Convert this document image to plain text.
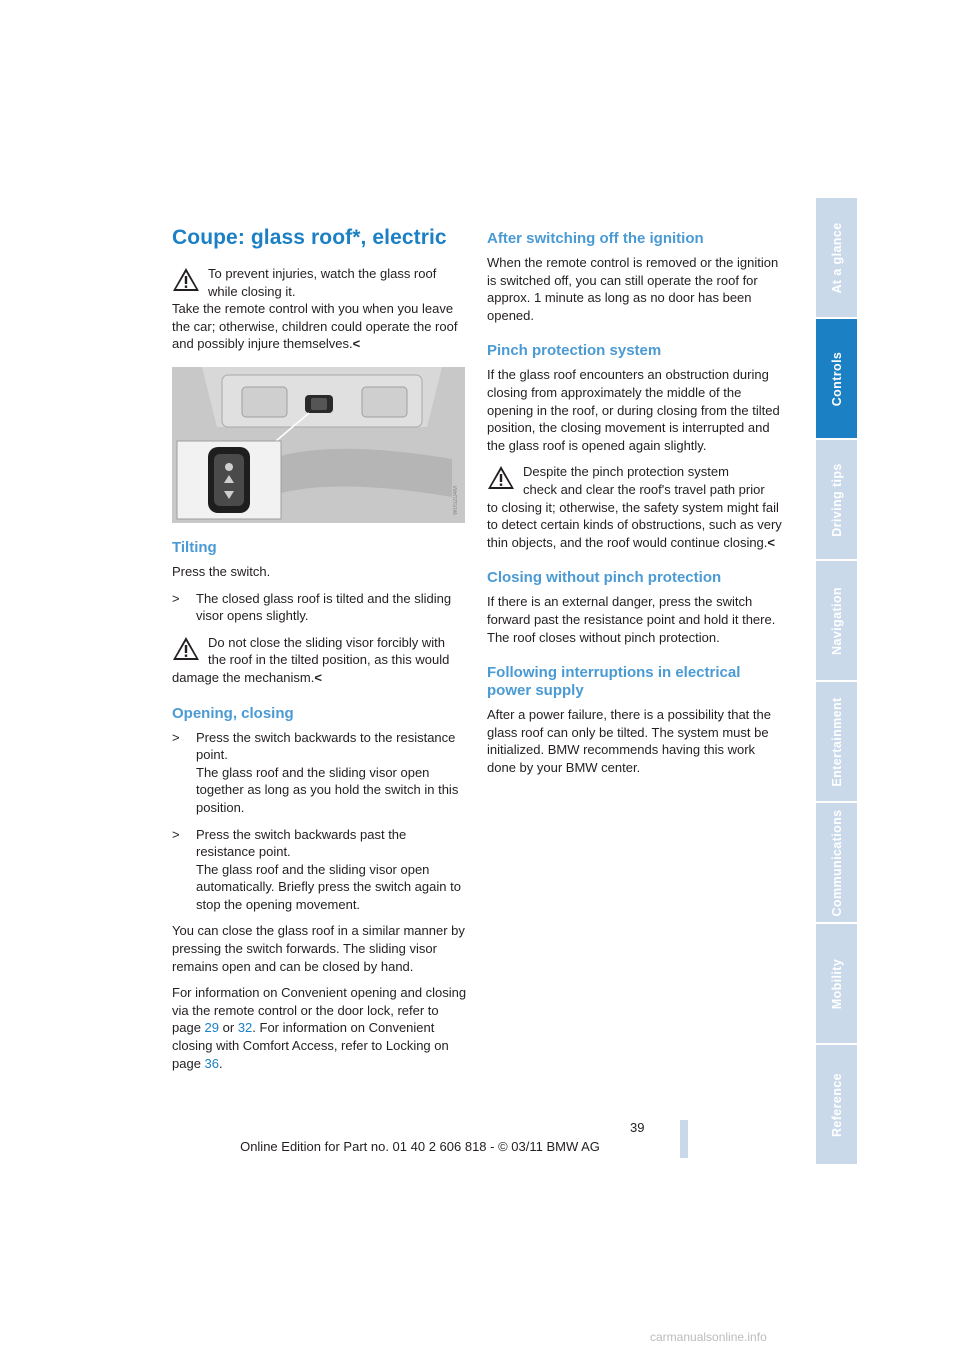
Coupe: glass roof*, electric
To prevent injuries, watch the glass roof
while closing it.
Take the remote control with you when you leave the car; otherwise, children could operate the roof and possibly injure themselves.<
W0S2D4M
Tilting

Press the switch.

> The closed glass roof is tilted and the sliding visor opens slightly.
Do not close the sliding visor forcibly with
the roof in the tilted position, as this would
damage the mechanism.<
Opening, closing
> Press the switch backwards to the resistance point.
The glass roof and the sliding visor open together as long as you hold the switch in this position.
> Press the switch backwards past the resistance point.
The glass roof and the sliding visor open automatically. Briefly press the switch again to stop the opening movement.

You can close the glass roof in a similar manner by pressing the switch forwards. The sliding visor remains open and can be closed by hand.

For information on Convenient opening and closing via the remote control or the door lock, refer to page 29 or 32. For information on Convenient closing with Comfort Access, refer to Locking on page 36.

After switching off the ignition

When the remote control is removed or the ignition is switched off, you can still operate the roof for approx. 1 minute as long as no door has been opened.

Pinch protection system

If the glass roof encounters an obstruction during closing from approximately the middle of the opening in the roof, or during closing from the tilted position, the closing movement is interrupted and the glass roof is opened again slightly.

Despite the pinch protection system
check and clear the roof's travel path prior
to closing it; otherwise, the safety system might fail to detect certain kinds of obstructions, such as very thin objects, and the roof would continue closing.<
Closing without pinch protection

If there is an external danger, press the switch forward past the resistance point and hold it there. The roof closes without pinch protection.

Following interruptions in electrical power supply

After a power failure, there is a possibility that the glass roof can only be tilted. The system must be initialized. BMW recommends having this work done by your BMW center.

At a glance
Controls
Driving tips
Navigation
Entertainment
Communications
Mobility
Reference
39
Online Edition for Part no. 01 40 2 606 818 - © 03/11 BMW AG
carmanualsonline.info
